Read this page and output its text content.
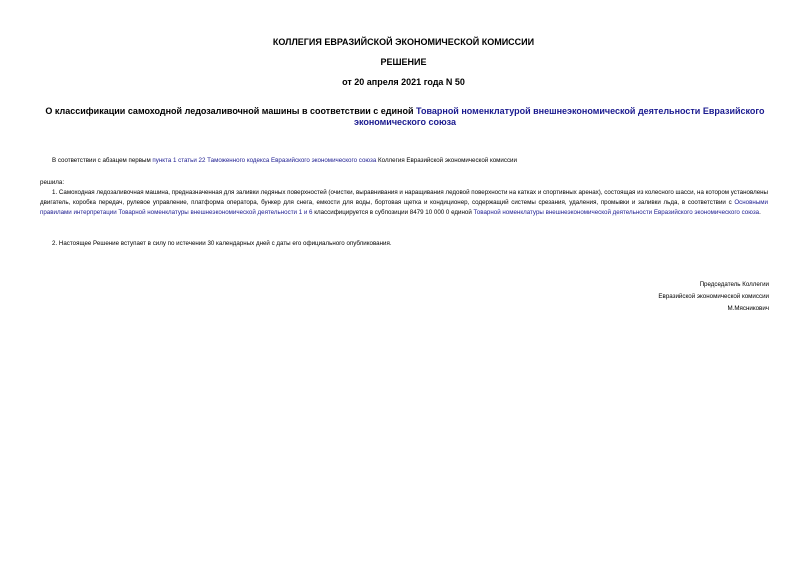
КОЛЛЕГИЯ ЕВРАЗИЙСКОЙ ЭКОНОМИЧЕСКОЙ КОМИССИИ
РЕШЕНИЕ
от 20 апреля 2021 года N 50
О классификации самоходной ледозаливочной машины в соответствии с единой Товарной номенклатурой внешнеэкономической деятельности Евразийского экономического союза
В соответствии с абзацем первым пункта 1 статьи 22 Таможенного кодекса Евразийского экономического союза Коллегия Евразийской экономической комиссии
решила:
1. Самоходная ледозаливочная машина, предназначенная для заливки ледяных поверхностей (очистки, выравнивания и наращивания ледовой поверхности на катках и спортивных аренах), состоящая из колесного шасси, на котором установлены двигатель, коробка передач, рулевое управление, платформа оператора, бункер для снега, емкости для воды, бортовая щетка и кондиционер, содержащий системы срезания, удаления, промывки и заливки льда, в соответствии с Основными правилами интерпретации Товарной номенклатуры внешнеэкономической деятельности 1 и 6 классифицируется в субпозиции 8479 10 000 0 единой Товарной номенклатуры внешнеэкономической деятельности Евразийского экономического союза.
2. Настоящее Решение вступает в силу по истечении 30 календарных дней с даты его официального опубликования.
Председатель Коллегии
Евразийской экономической комиссии
М.Мясникович
